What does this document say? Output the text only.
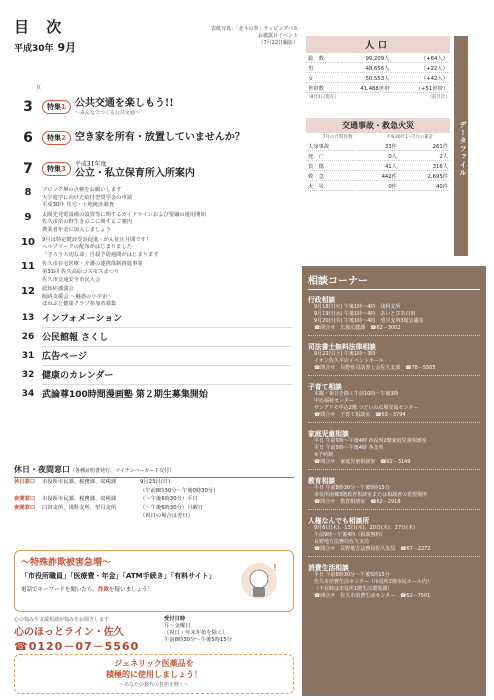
目 次
平成30年 9月
表紙写真：「北斗の拳」ラッピングバス
お披露目イベント
（7月22日撮影）
頁
3	特集1 公共交通を楽しもう!!
～みんなでつくる公共交通～
6	特集2 空き家を所有・放置していませんか？
7	特集3
平成31年度
公立・私立保育所入所案内
8	ブロック塀の点検をお願いします
大学進学に向けた給付型奨学金の申請
平成30年 住宅・土地統計調査
9	太陽光発電設備の設置等に関するガイドラインおよび要綱の運用開始
佐久市産の野生きのこに関するご案内
農業者年金に加入しましょう
10	9月は特定健診受診促進・がん征圧月間です！
ヘルプマークの配布がはじまりました
「守ろう大切な命」自殺予防週間がはじまります
11	佐久市在宅医療・介護の連携体制推進事業
第31回 佐久高原コスモスまつり
佐久市交通安全市民大会
12	認知症講演会
販路支援会 ～魅惑の小宇宙～
ほねぷと健康クラブ参加者募集
13 インフォメーション
26 公民館報 さくし
31 広告ページ
32 健康のカレンダー
34 武論尊100時間漫画塾 第２期生募集開始
休日・夜間窓口（各種証明書発行、マイナンバーカード交付）
休日窓口	市役所市民課、税務課、収税課	9月23日(日)
（午前8時30分～午後0時30分）
夜間窓口	市役所市民課、税務課、収税課	（～午後6時30分）平日
夜間窓口	臼田支所、浅科支所、望月支所	（～午後6時30分）月曜日
（祝日の場合は翌日）
～特殊詐欺被害急増～
「市役所職員」「医療費・年金」「ATM手続き」「有料サイト」
電話でキーワードを聞いたら、詐欺を疑いましょう！
!
心の悩みや支援相談が悩みをお聞きします
心のほっとライン・佐久
☎0120－07－5560
受付日時
月～金曜日
（祝日・年末年始を除く）
午前8時30分～午後5時15分
ジェネリック医薬品を
積極的に使用しましょう！
～あなたの薬代の負担を軽く～
人口
総　数	99,209人	（+64人）
男	48,656人	（+22人）
女	50,553人	（+42人）
世帯数	41,488世帯	（+51世帯）
（8月1日現在）	（前月比）
データファイル
交通事故・救急火災
7月の月間件数	平成30年1～7月の累計
人身事故	33件	261件
死　亡	0人	2人
負　傷	41人	316人
救　急	442件	2,695件
火　災	0件	40件
相談コーナー
行政相談
9月18日(火) 午後1時～4時　浅科支所
9月19日(水) 午後1時～4時　あいとぴあ臼田
9月20日(木) 午後1時～4時　望月支所3階会議室
☎問合せ　広報広聴課　☎62－3002
司法書士無料法律相談
9月22日(土) 午後1時～3時
イオン佐久平店イベントホール
☎問合せ　長野県司法書士会佐久支部　☎78－5505
子育て相談
木曜・祝日を除く午前10時～午後3時
中込福祉センター
サングリモ中込2階 つどいの広場交流センター
☎問合せ　子育て相談室　☎63－3794
家庭児童相談
平日 午前9時～午後4時 市役所2階家庭児童相談室
平日 午前9時～午後4時 各支所
※予約制
☎問合せ　家庭児童相談室　☎62－3149
教育相談
平日 午前8時30分～午後5時15分
市役所南棟3階教育相談室または相談者の希望場所
☎問合せ　教育相談室　☎62－2918
人権なんでも相談所
9月6日(木)、13日(木)、20日(木)、27日(木)
午前9時～午後4時（相談無料）
長野地方法務局佐久支局
☎問合せ　長野地方法務局佐久支局　☎67－2272
消費生活相談
平日 午前8時30分～午後5時15分
佐久市消費生活センター（市役所2階市民ホール内）
（不在時は市役所1階生活環境課）
☎問合せ　佐久市消費生活センター　☎62－7501
